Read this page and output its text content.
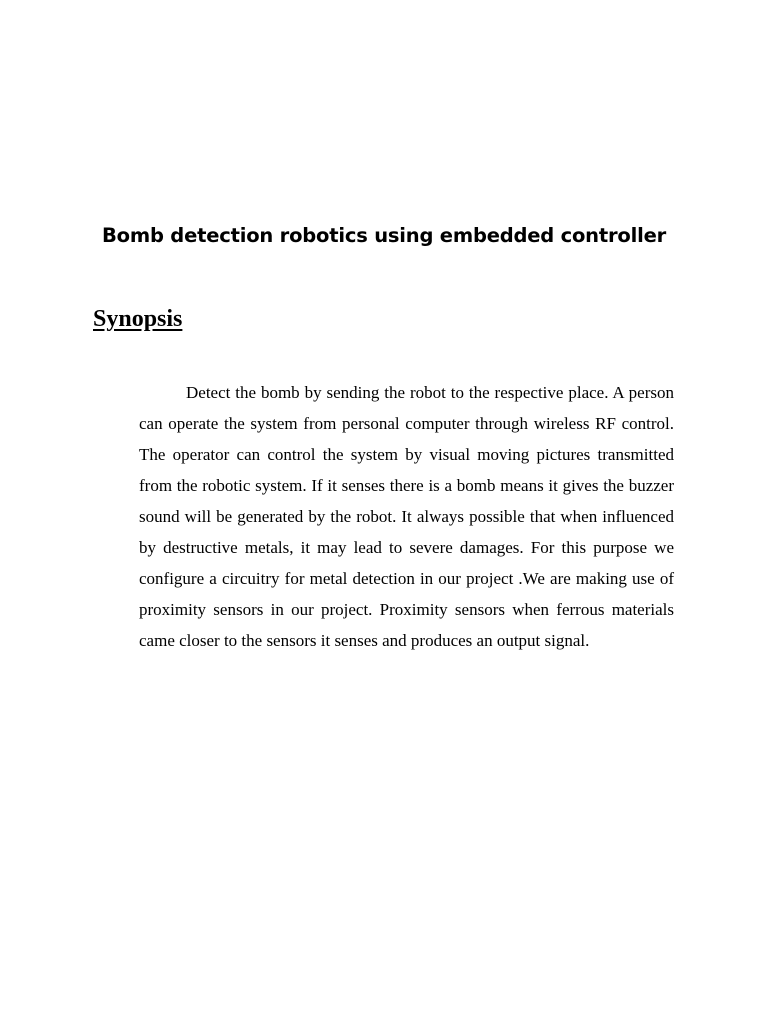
Bomb detection robotics using embedded controller
Synopsis

Detect the bomb by sending the robot to the respective place. A person can operate the system from personal computer through wireless RF control. The operator can control the system by visual moving pictures transmitted from the robotic system. If it senses there is a bomb means it gives the buzzer sound will be generated by the robot. It always possible that when influenced by destructive metals, it may lead to severe damages. For this purpose we configure a circuitry for metal detection in our project .We are making use of proximity sensors in our project. Proximity sensors when ferrous materials came closer to the sensors it senses and produces an output signal.
